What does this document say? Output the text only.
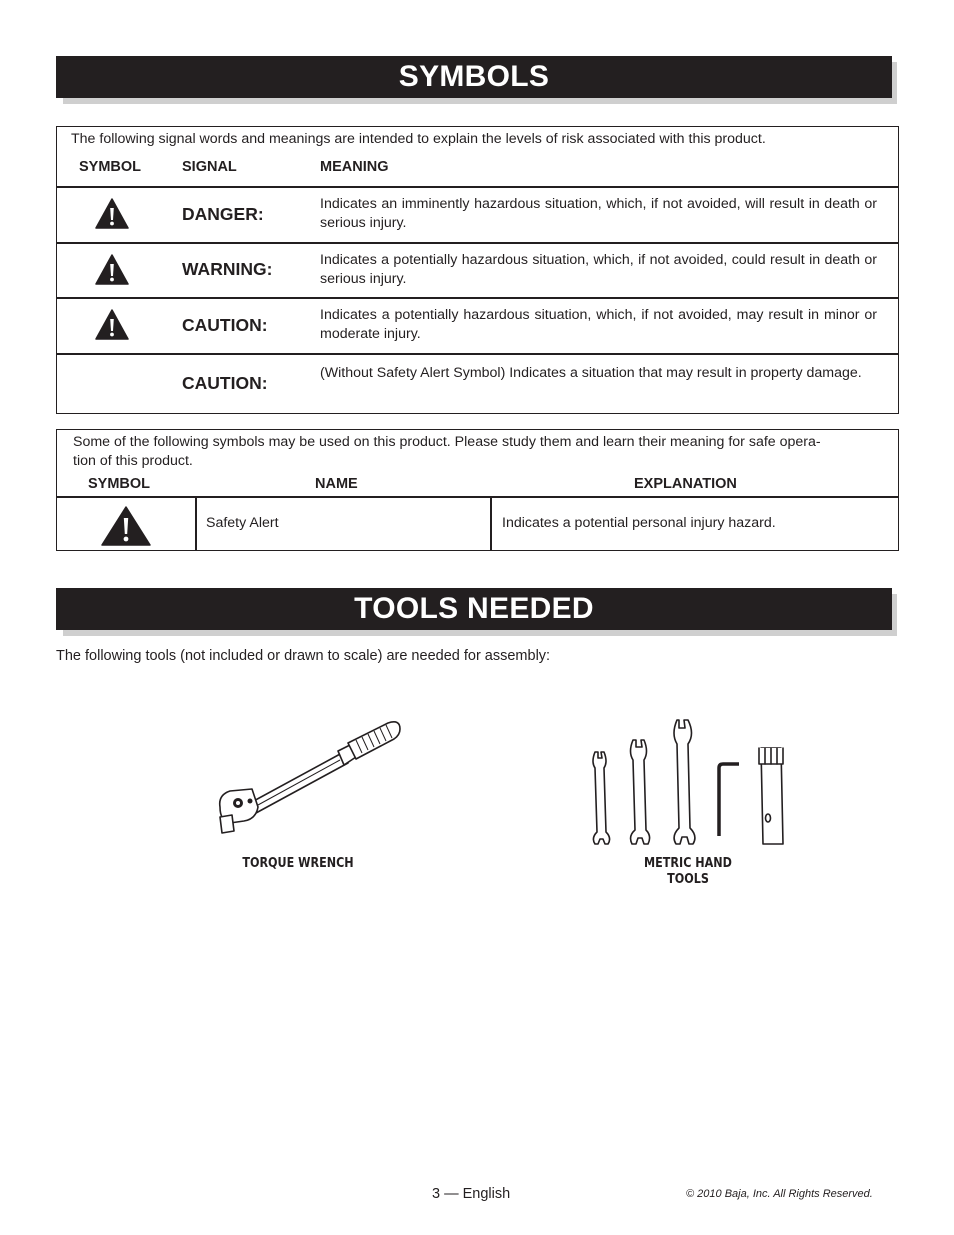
SYMBOLS
The following signal words and meanings are intended to explain the levels of risk associated with this product.
SYMBOL	SIGNAL	MEANING
DANGER:	Indicates an imminently hazardous situation, which, if not avoided, will result in death or serious injury.
WARNING:	Indicates a potentially hazardous situation, which, if not avoided, could result in death or serious injury.
CAUTION:	Indicates a potentially hazardous situation, which, if not avoided, may result in minor or moderate injury.
CAUTION:	(Without Safety Alert Symbol) Indicates a situation that may result in property damage.
Some of the following symbols may be used on this product. Please study them and learn their meaning for safe opera-
tion of this product.
SYMBOL	NAME	EXPLANATION
Safety Alert	Indicates a potential personal injury hazard.
TOOLS NEEDED
The following tools (not included or drawn to scale) are needed for assembly:
TORQUE WRENCH	METRIC HAND
TOOLS
3 — English	© 2010 Baja, Inc. All Rights Reserved.
